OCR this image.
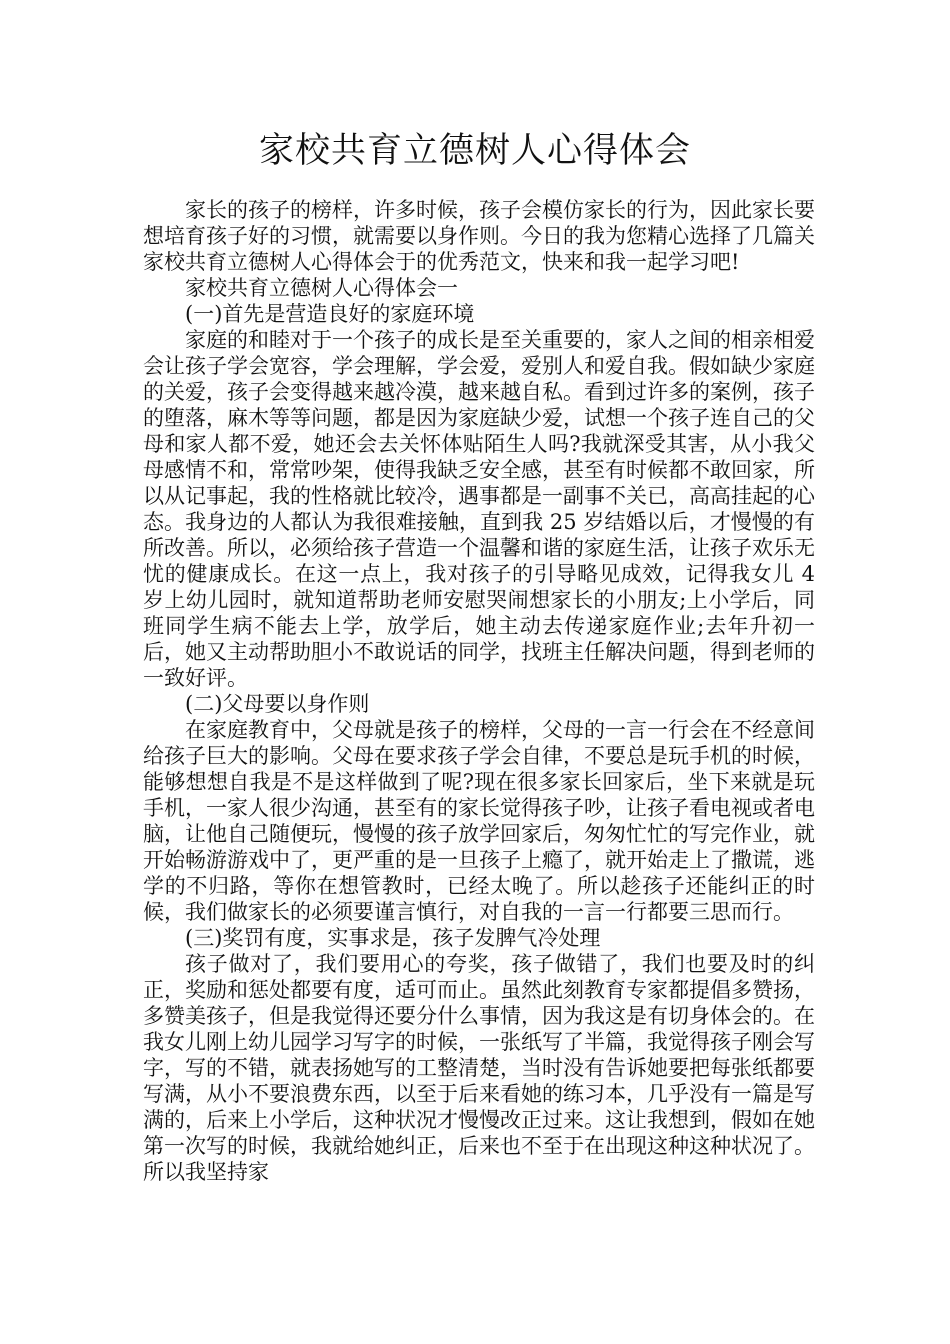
家校共育立德树人心得体会

家长的孩子的榜样，许多时候，孩子会模仿家长的行为，因此家长要想培育孩子好的习惯，就需要以身作则。今日的我为您精心选择了几篇关家校共育立德树人心得体会于的优秀范文，快来和我一起学习吧!

家校共育立德树人心得体会一

(一)首先是营造良好的家庭环境

家庭的和睦对于一个孩子的成长是至关重要的，家人之间的相亲相爱会让孩子学会宽容，学会理解，学会爱，爱别人和爱自我。假如缺少家庭的关爱，孩子会变得越来越冷漠，越来越自私。看到过许多的案例，孩子的堕落，麻木等等问题，都是因为家庭缺少爱，试想一个孩子连自己的父母和家人都不爱，她还会去关怀体贴陌生人吗?我就深受其害，从小我父母感情不和，常常吵架，使得我缺乏安全感，甚至有时候都不敢回家，所以从记事起，我的性格就比较冷，遇事都是一副事不关已，高高挂起的心态。我身边的人都认为我很难接触，直到我 25 岁结婚以后，才慢慢的有所改善。所以，必须给孩子营造一个温馨和谐的家庭生活，让孩子欢乐无忧的健康成长。在这一点上，我对孩子的引导略见成效，记得我女儿 4 岁上幼儿园时，就知道帮助老师安慰哭闹想家长的小朋友;上小学后，同班同学生病不能去上学，放学后，她主动去传递家庭作业;去年升初一后，她又主动帮助胆小不敢说话的同学，找班主任解决问题，得到老师的一致好评。

(二)父母要以身作则

在家庭教育中，父母就是孩子的榜样，父母的一言一行会在不经意间给孩子巨大的影响。父母在要求孩子学会自律，不要总是玩手机的时候，能够想想自我是不是这样做到了呢?现在很多家长回家后，坐下来就是玩手机，一家人很少沟通，甚至有的家长觉得孩子吵，让孩子看电视或者电脑，让他自己随便玩，慢慢的孩子放学回家后，匆匆忙忙的写完作业，就开始畅游游戏中了，更严重的是一旦孩子上瘾了，就开始走上了撒谎，逃学的不归路，等你在想管教时，已经太晚了。所以趁孩子还能纠正的时候，我们做家长的必须要谨言慎行，对自我的一言一行都要三思而行。

(三)奖罚有度，实事求是，孩子发脾气冷处理

孩子做对了，我们要用心的夸奖，孩子做错了，我们也要及时的纠正，奖励和惩处都要有度，适可而止。虽然此刻教育专家都提倡多赞扬，多赞美孩子，但是我觉得还要分什么事情，因为我这是有切身体会的。在我女儿刚上幼儿园学习写字的时候，一张纸写了半篇，我觉得孩子刚会写字，写的不错，就表扬她写的工整清楚，当时没有告诉她要把每张纸都要写满，从小不要浪费东西，以至于后来看她的练习本，几乎没有一篇是写满的，后来上小学后，这种状况才慢慢改正过来。这让我想到，假如在她第一次写的时候，我就给她纠正，后来也不至于在出现这种这种状况了。所以我坚持家
